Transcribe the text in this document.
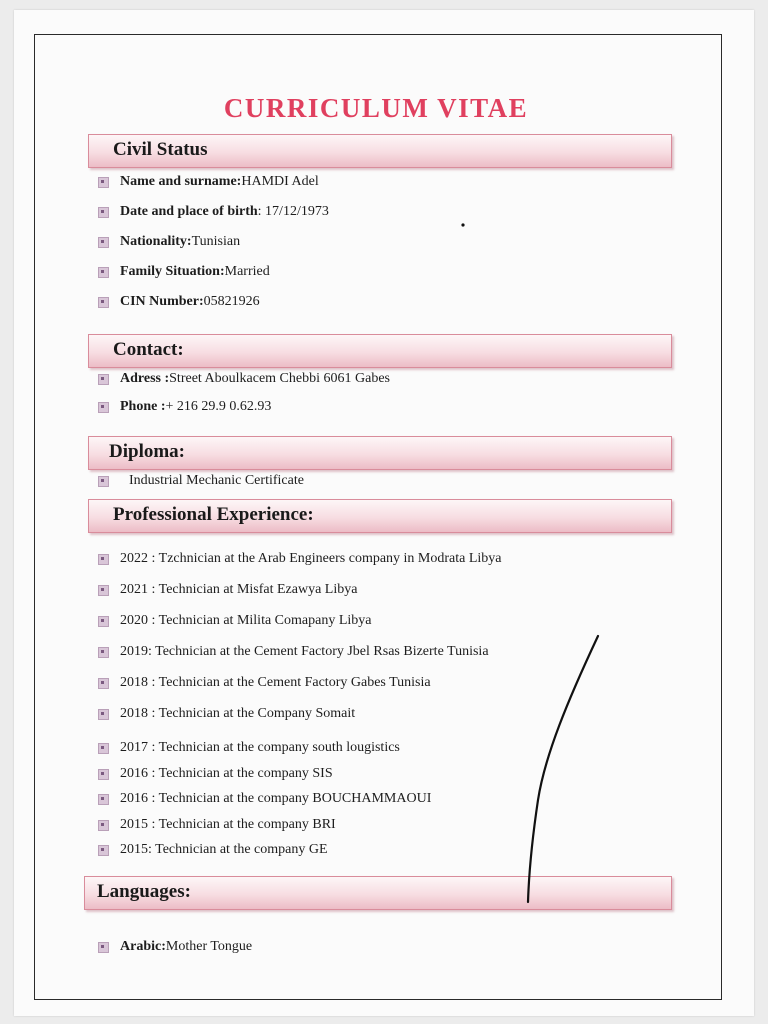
CURRICULUM VITAE
Civil Status
Name and surname: HAMDI Adel
Date and place of birth : 17/12/1973
Nationality: Tunisian
Family Situation: Married
CIN Number: 05821926
Contact:
Adress : Street Aboulkacem Chebbi 6061 Gabes
Phone : + 216 29.9 0.62.93
Diploma:
Industrial Mechanic Certificate
Professional Experience:
2022 : Tzchnician at the Arab Engineers company in Modrata Libya
2021 : Technician at Misfat Ezawya Libya
2020 : Technician at Milita Comapany Libya
2019: Technician at the Cement Factory Jbel Rsas Bizerte Tunisia
2018 : Technician at the Cement Factory Gabes Tunisia
2018 : Technician at the Company Somait
2017 : Technician at the company south lougistics
2016 : Technician at the company SIS
2016 : Technician at the company BOUCHAMMAOUI
2015 : Technician at the company BRI
2015: Technician at the company GE
Languages:
Arabic: Mother Tongue
